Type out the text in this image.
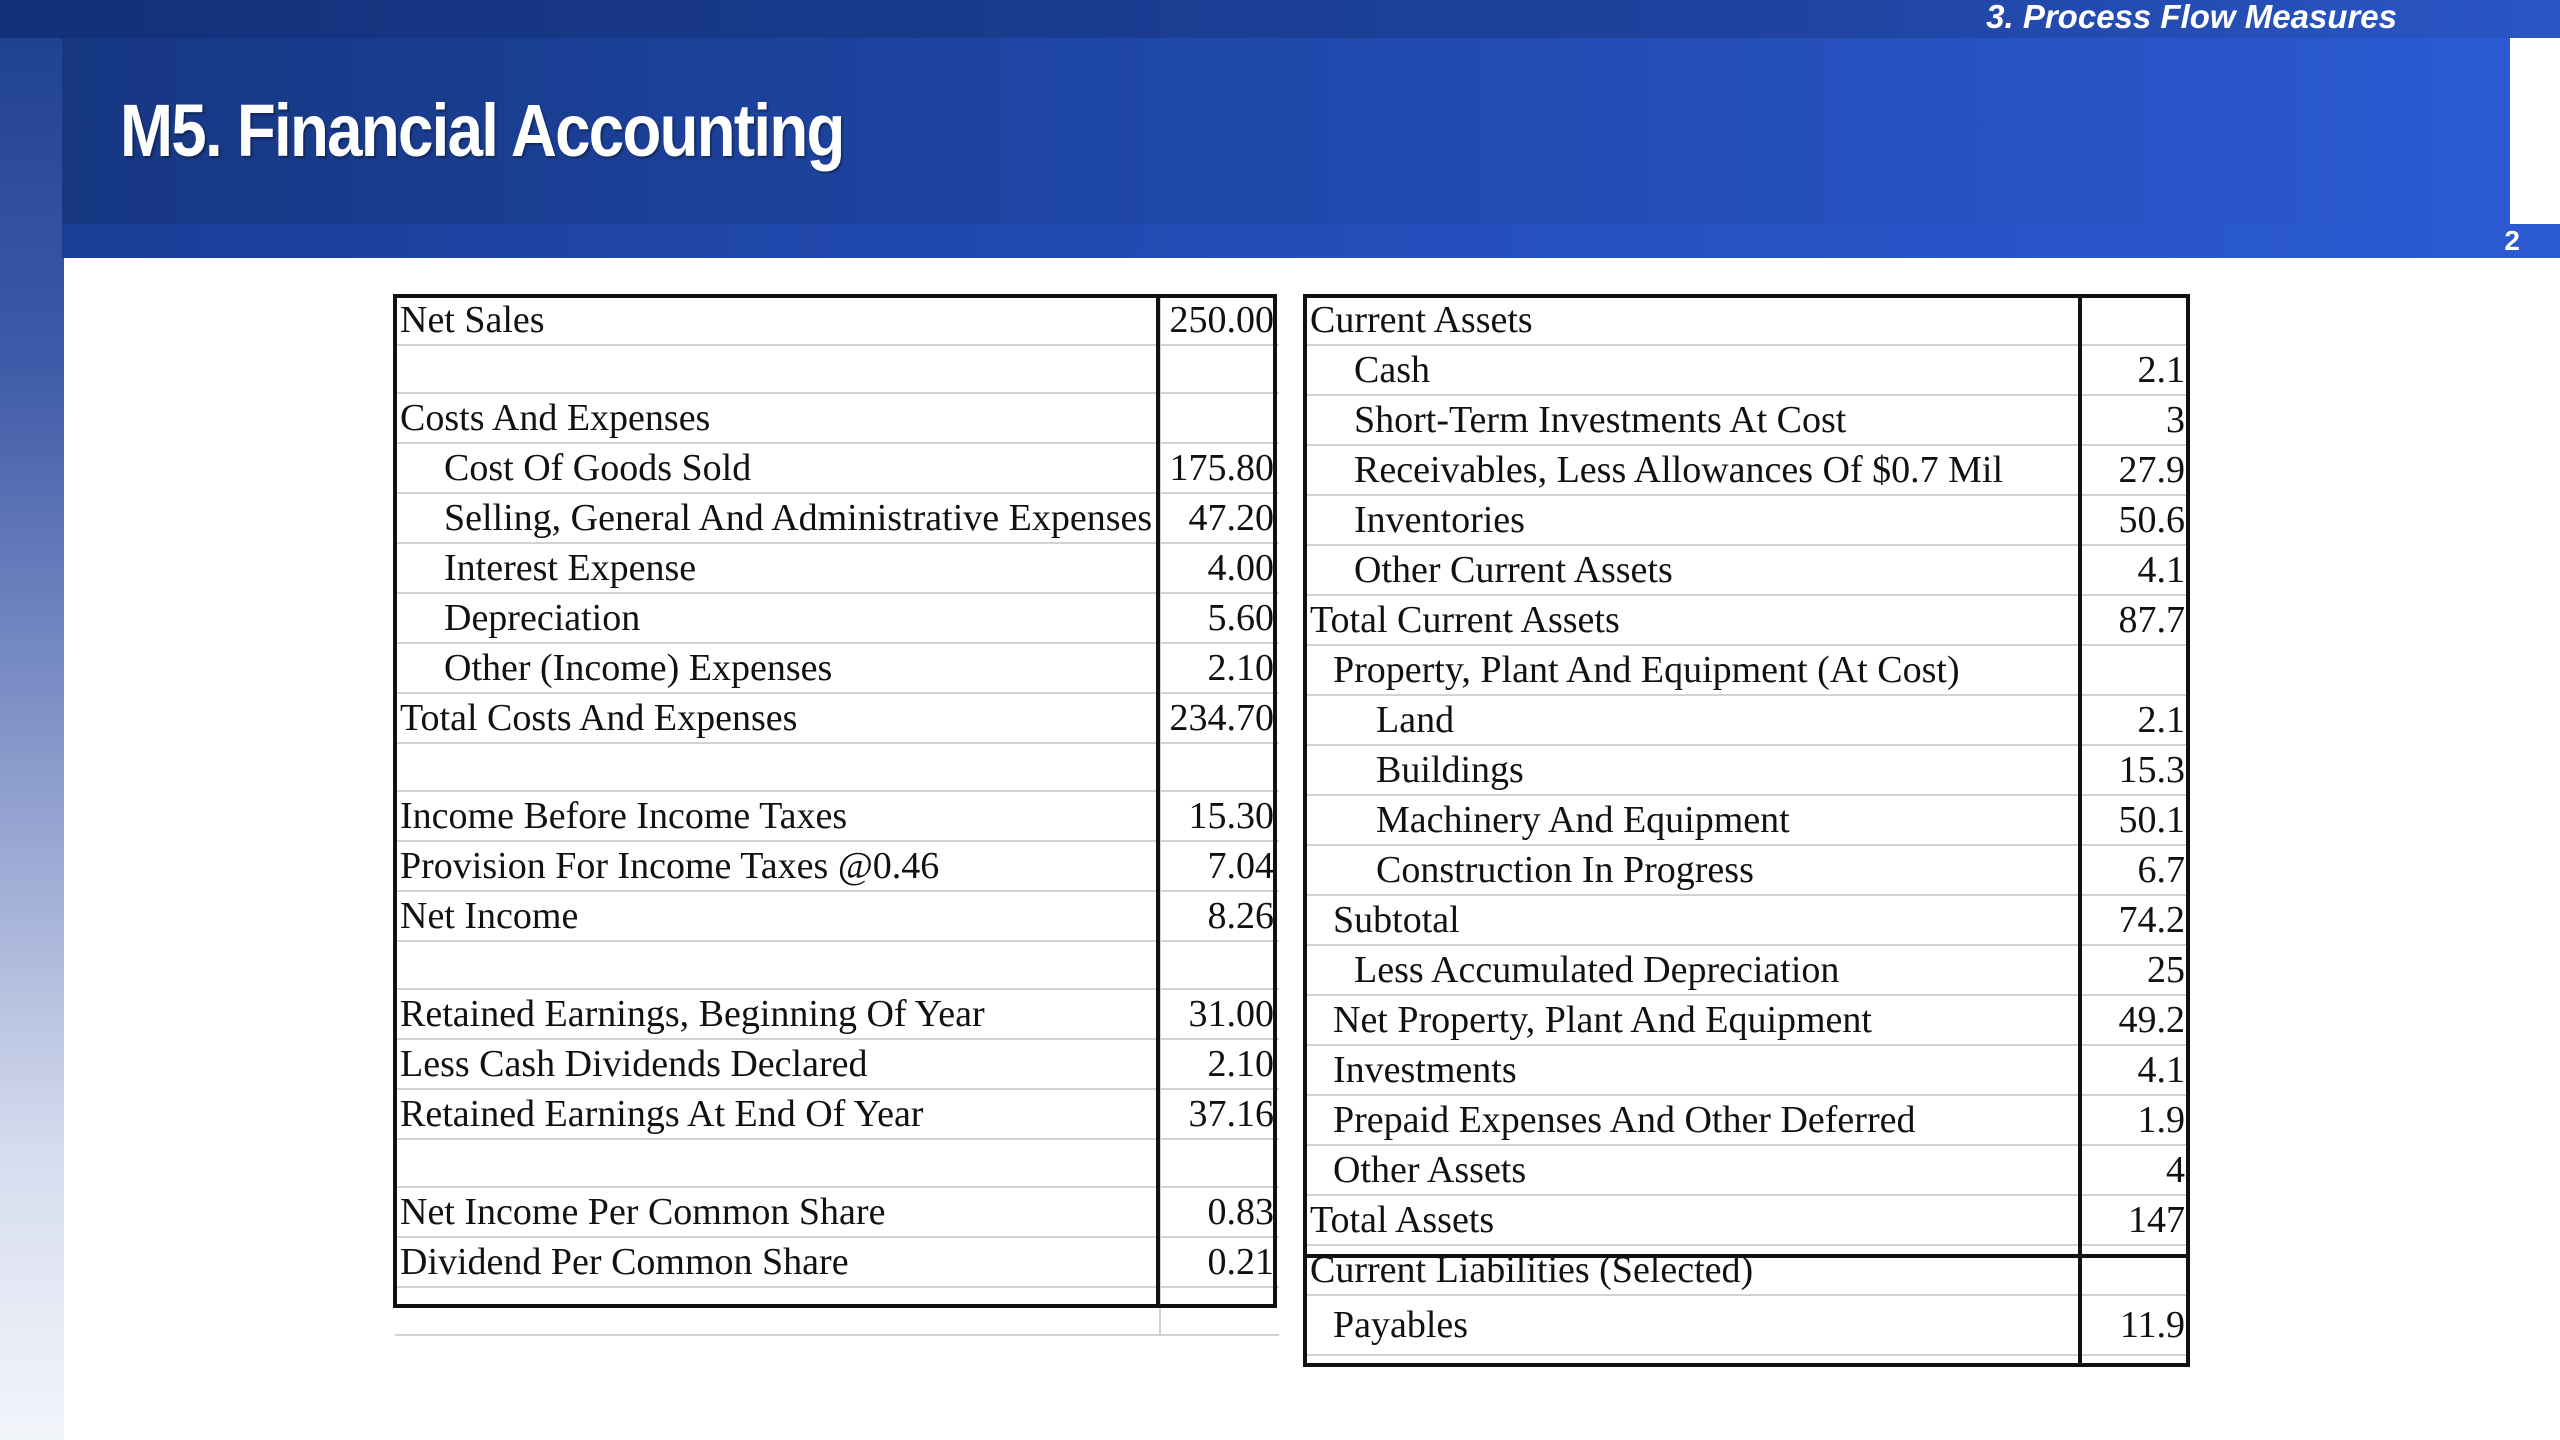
3. Process Flow Measures
M5. Financial Accounting
2
Net Sales	250.00

Costs And Expenses	
Cost Of Goods Sold	175.80
Selling, General And Administrative Expenses	47.20
Interest Expense	4.00
Depreciation	5.60
Other (Income) Expenses	2.10
Total Costs And Expenses	234.70

Income Before Income Taxes	15.30
Provision For Income Taxes @0.46	7.04
Net Income	8.26

Retained Earnings, Beginning Of Year	31.00
Less Cash Dividends Declared	2.10
Retained Earnings At End Of Year	37.16

Net Income Per Common Share	0.83
Dividend Per Common Share	0.21

Current Assets	
Cash	2.1
Short-Term Investments At Cost	3
Receivables, Less Allowances Of $0.7 Mil	27.9
Inventories	50.6
Other Current Assets	4.1
Total Current Assets	87.7
Property, Plant And Equipment (At Cost)	
Land	2.1
Buildings	15.3
Machinery And Equipment	50.1
Construction In Progress	6.7
Subtotal	74.2
Less Accumulated Depreciation	25
Net Property, Plant And Equipment	49.2
Investments	4.1
Prepaid Expenses And Other Deferred	1.9
Other Assets	4
Total Assets	147
Current Liabilities (Selected)	
Payables	11.9
